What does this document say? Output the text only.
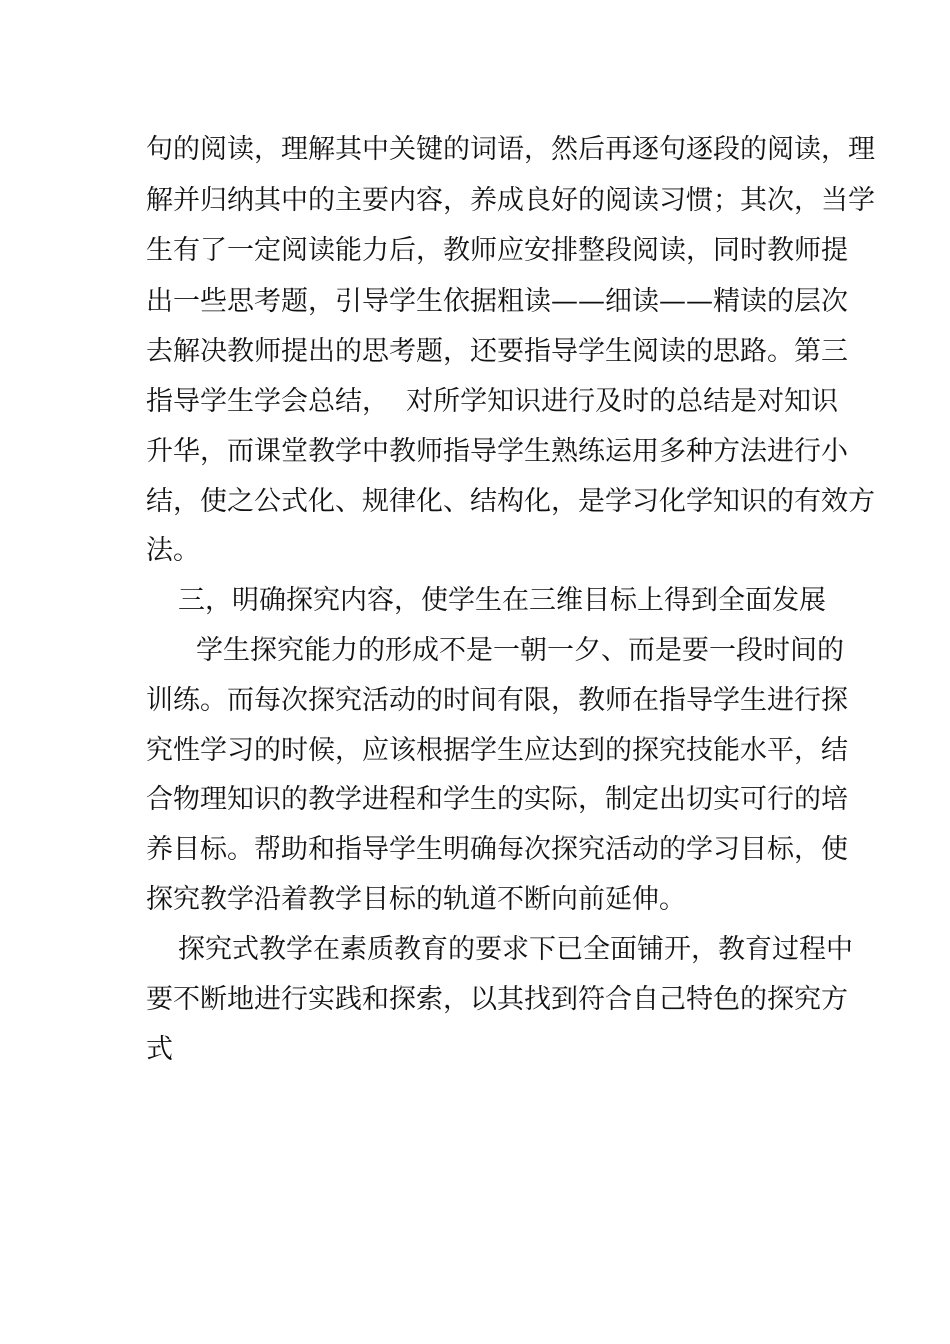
句的阅读，理解其中关键的词语，然后再逐句逐段的阅读，理

解并归纳其中的主要内容，养成良好的阅读习惯；其次，当学

生有了一定阅读能力后，教师应安排整段阅读，同时教师提

出一些思考题，引导学生依据粗读——细读——精读的层次

去解决教师提出的思考题，还要指导学生阅读的思路。第三

指导学生学会总结，  对所学知识进行及时的总结是对知识

升华，而课堂教学中教师指导学生熟练运用多种方法进行小

结，使之公式化、规律化、结构化，是学习化学知识的有效方

法。

三，明确探究内容，使学生在三维目标上得到全面发展

学生探究能力的形成不是一朝一夕、而是要一段时间的

训练。而每次探究活动的时间有限，教师在指导学生进行探

究性学习的时候，应该根据学生应达到的探究技能水平，结

合物理知识的教学进程和学生的实际，制定出切实可行的培

养目标。帮助和指导学生明确每次探究活动的学习目标，使

探究教学沿着教学目标的轨道不断向前延伸。

探究式教学在素质教育的要求下已全面铺开，教育过程中

要不断地进行实践和探索，以其找到符合自己特色的探究方

式
